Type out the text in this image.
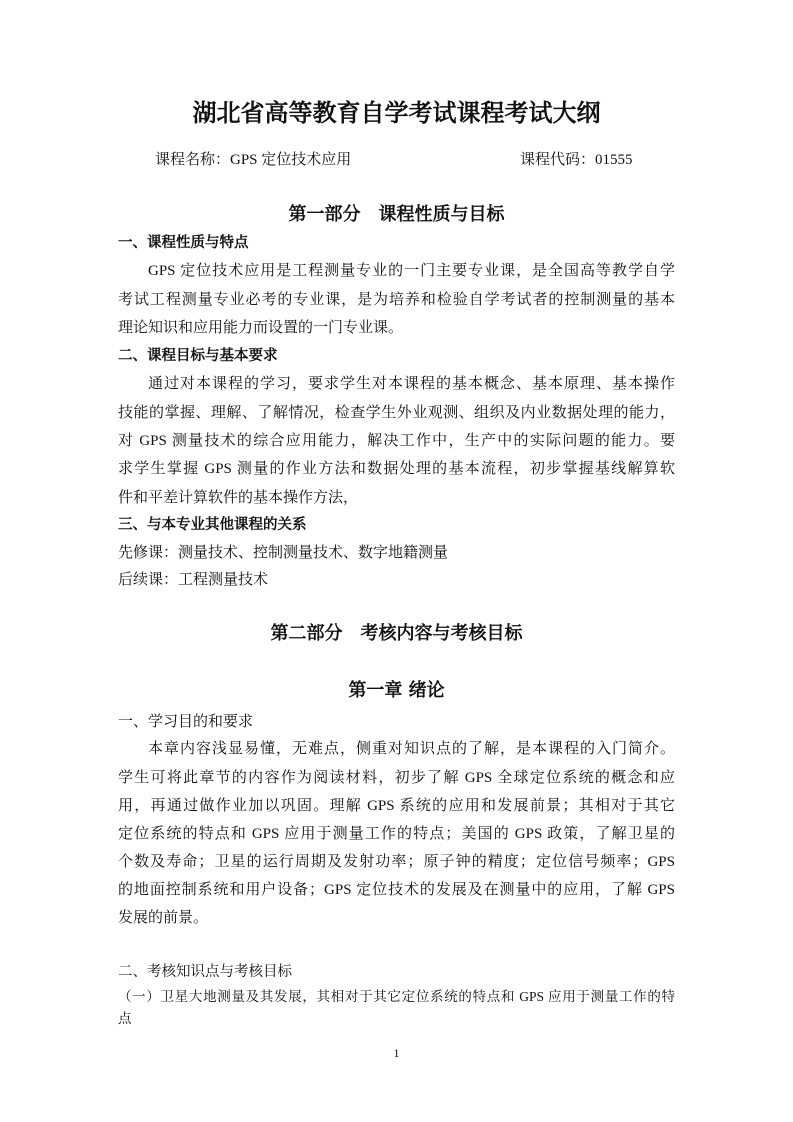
湖北省高等教育自学考试课程考试大纲
课程名称：GPS 定位技术应用	课程代码：01555
第一部分　课程性质与目标
一、课程性质与特点
GPS 定位技术应用是工程测量专业的一门主要专业课，是全国高等教学自学
考试工程测量专业必考的专业课，是为培养和检验自学考试者的控制测量的基本
理论知识和应用能力而设置的一门专业课。
二、课程目标与基本要求
通过对本课程的学习，要求学生对本课程的基本概念、基本原理、基本操作
技能的掌握、理解、了解情况，检查学生外业观测、组织及内业数据处理的能力，
对 GPS 测量技术的综合应用能力，解决工作中，生产中的实际问题的能力。要
求学生掌握 GPS 测量的作业方法和数据处理的基本流程，初步掌握基线解算软
件和平差计算软件的基本操作方法，
三、与本专业其他课程的关系
先修课：测量技术、控制测量技术、数字地籍测量
后续课：工程测量技术
第二部分　考核内容与考核目标
第一章 绪论
一、学习目的和要求
本章内容浅显易懂，无难点，侧重对知识点的了解，是本课程的入门简介。
学生可将此章节的内容作为阅读材料，初步了解 GPS 全球定位系统的概念和应
用，再通过做作业加以巩固。理解 GPS 系统的应用和发展前景；其相对于其它
定位系统的特点和 GPS 应用于测量工作的特点；美国的 GPS 政策，了解卫星的
个数及寿命；卫星的运行周期及发射功率；原子钟的精度；定位信号频率；GPS
的地面控制系统和用户设备；GPS 定位技术的发展及在测量中的应用，了解 GPS
发展的前景。
二、考核知识点与考核目标
（一）卫星大地测量及其发展，其相对于其它定位系统的特点和 GPS 应用于测量工作的特
点
1
